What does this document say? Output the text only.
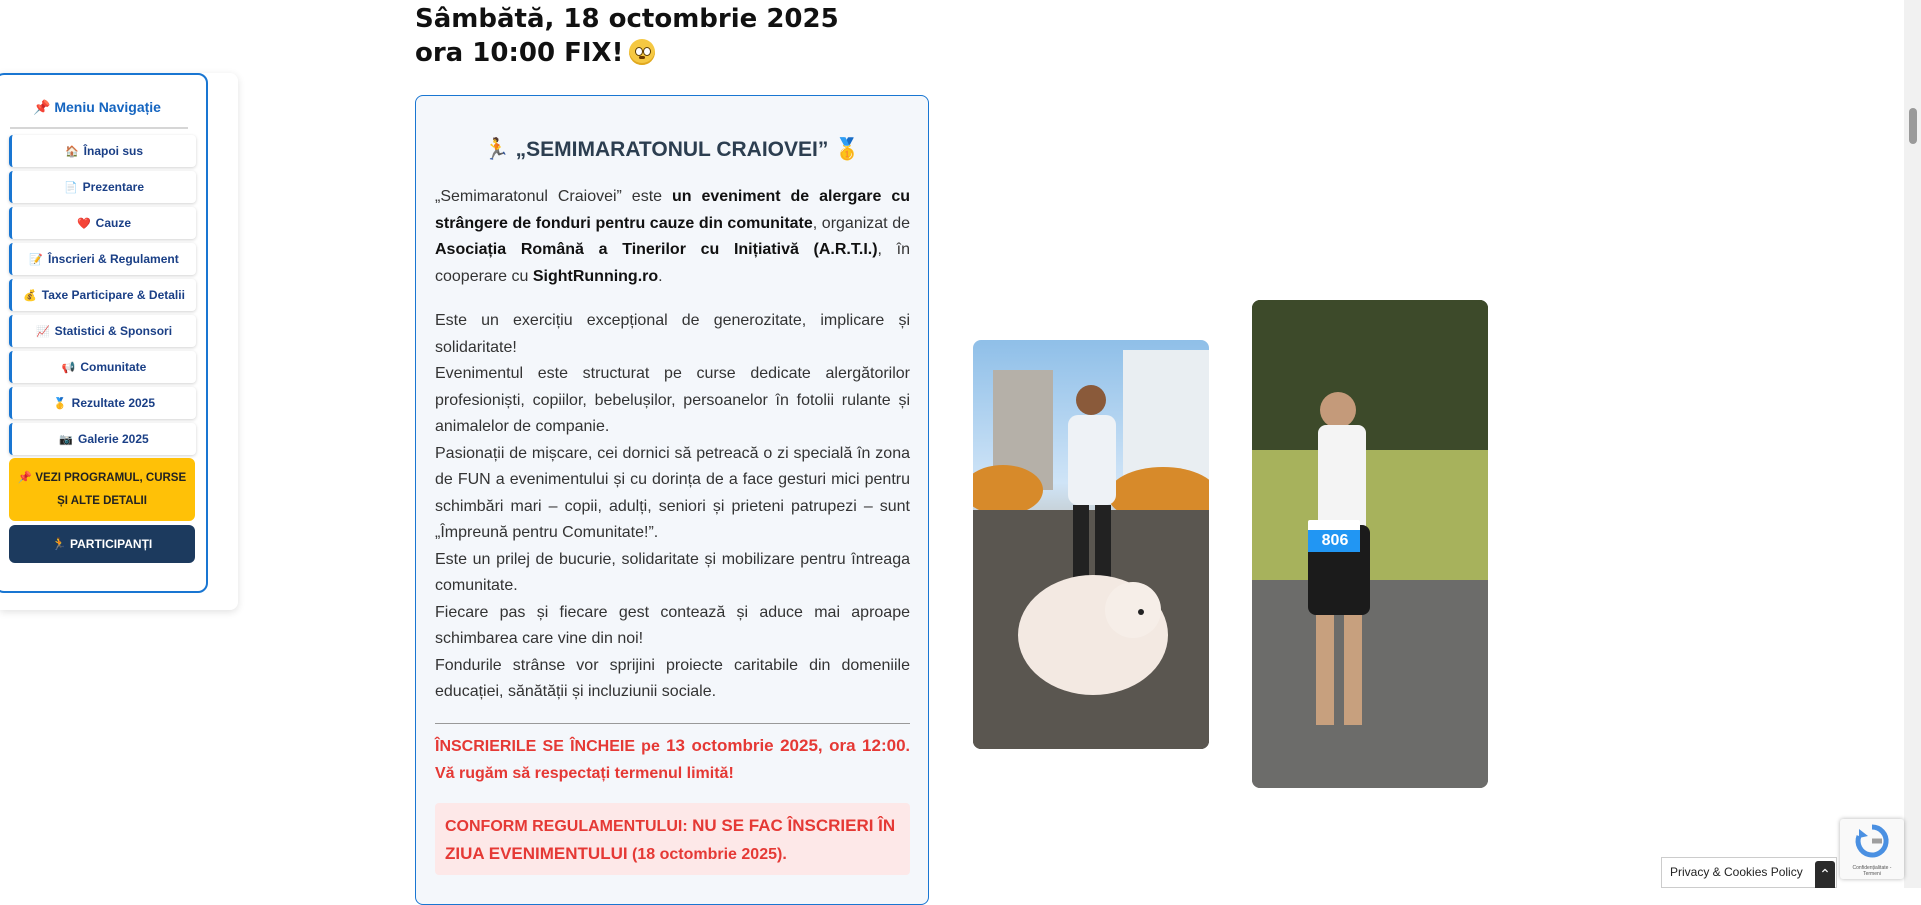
Sâmbătă, 18 octombrie 2025
ora 10:00 FIX!
📌 Meniu Navigație
🏠 Înapoi sus
📄 Prezentare
❤️ Cauze
📝 Înscrieri & Regulament
💰 Taxe Participare & Detalii
📈 Statistici & Sponsori
📢 Comunitate
🥇 Rezultate 2025
📷 Galerie 2025
📌 VEZI PROGRAMUL, CURSE
ȘI ALTE DETALII
🏃 PARTICIPANȚI
🏃 „SEMIMARATONUL CRAIOVEI” 🥇

„Semimaratonul Craiovei” este un eveniment de alergare cu strângere de fonduri pentru cauze din comunitate, organizat de Asociația Română a Tinerilor cu Inițiativă (A.R.T.I.), în cooperare cu SightRunning.ro.

Este un exercițiu excepțional de generozitate, implicare și solidaritate!

Evenimentul este structurat pe curse dedicate alergătorilor profesioniști, copiilor, bebelușilor, persoanelor în fotolii rulante și animalelor de companie.

Pasionații de mișcare, cei dornici să petreacă o zi specială în zona de FUN a evenimentului și cu dorința de a face gesturi mici pentru schimbări mari – copii, adulți, seniori și prieteni patrupezi – sunt „Împreună pentru Comunitate!”.

Este un prilej de bucurie, solidaritate și mobilizare pentru întreaga comunitate.

Fiecare pas și fiecare gest contează și aduce mai aproape schimbarea care vine din noi!

Fondurile strânse vor sprijini proiecte caritabile din domeniile educației, sănătății și incluziunii sociale.

ÎNSCRIERILE SE ÎNCHEIE pe 13 octombrie 2025, ora 12:00. Vă rugăm să respectați termenul limită!
CONFORM REGULAMENTULUI: NU SE FAC ÎNSCRIERI ÎN ZIUA EVENIMENTULUI (18 octombrie 2025).
806
Confidențialitate - Termeni
Privacy & Cookies Policy	⌃
